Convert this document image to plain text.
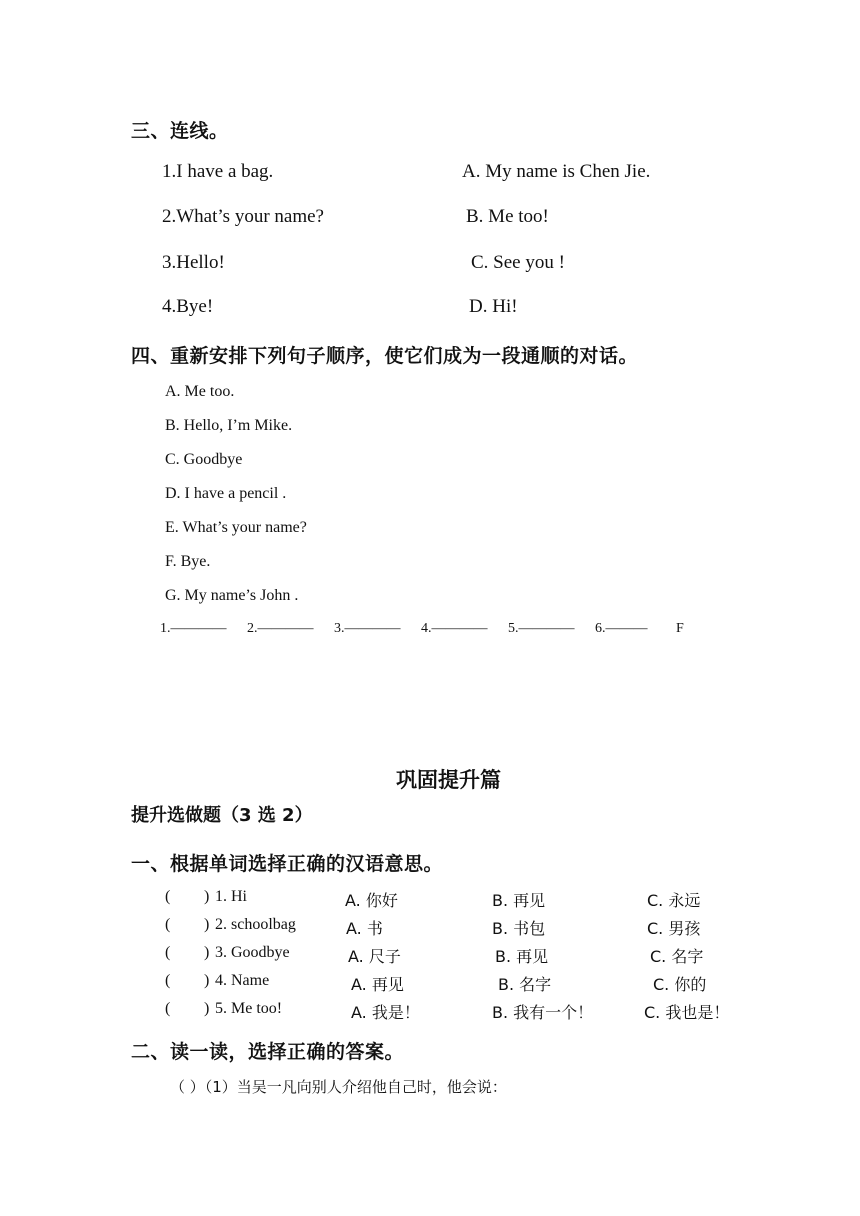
三、连线。
1.I have a bag.
2.What’s your name?
3.Hello!
4.Bye!
A. My name is Chen Jie.
B. Me too!
C. See you !
D. Hi!
四、重新安排下列句子顺序，使它们成为一段通顺的对话。
A. Me too.
B. Hello, I’m Mike.
C. Goodbye
D. I have a pencil .
E. What’s your name?
F. Bye.
G. My name’s John .
1.———— 2.———— 3.———— 4.———— 5.———— 6.——— F
巩固提升篇
提升选做题（3 选 2）
一、根据单词选择正确的汉语意思。
( ) 1. Hi	A. 你好	B. 再见	C. 永远
( ) 2. schoolbag	A. 书	B. 书包	C. 男孩
( ) 3. Goodbye	A. 尺子	B. 再见	C. 名字
( ) 4. Name	A. 再见	B. 名字	C. 你的
( ) 5. Me too!	A. 我是！	B. 我有一个！	C. 我也是！
二、读一读，选择正确的答案。
（ ）（1）当吴一凡向别人介绍他自己时，他会说：
